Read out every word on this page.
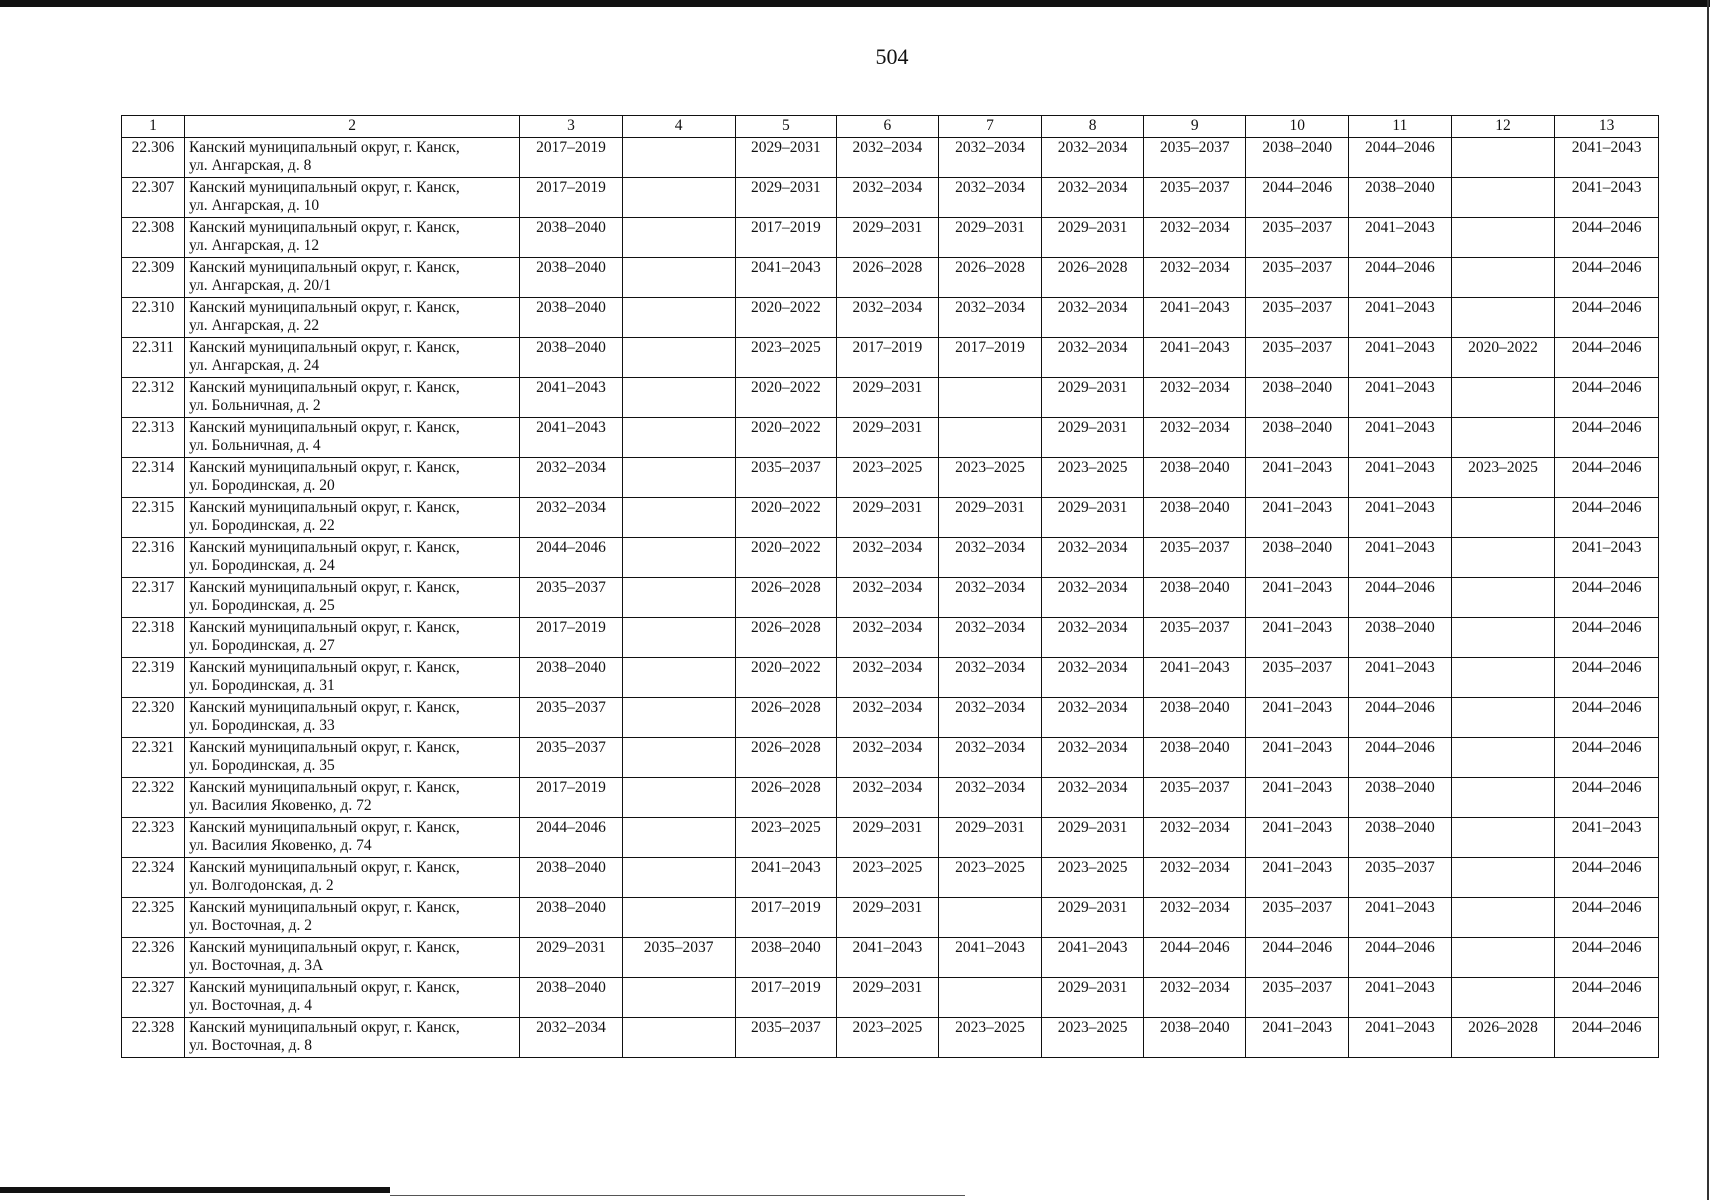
504
1	2	3	4	5	6	7	8	9	10	11	12	13
22.306	Канский муниципальный округ, г. Канск,
ул. Ангарская, д. 8	2017–2019		2029–2031	2032–2034	2032–2034	2032–2034	2035–2037	2038–2040	2044–2046		2041–2043
22.307	Канский муниципальный округ, г. Канск,
ул. Ангарская, д. 10	2017–2019		2029–2031	2032–2034	2032–2034	2032–2034	2035–2037	2044–2046	2038–2040		2041–2043
22.308	Канский муниципальный округ, г. Канск,
ул. Ангарская, д. 12	2038–2040		2017–2019	2029–2031	2029–2031	2029–2031	2032–2034	2035–2037	2041–2043		2044–2046
22.309	Канский муниципальный округ, г. Канск,
ул. Ангарская, д. 20/1	2038–2040		2041–2043	2026–2028	2026–2028	2026–2028	2032–2034	2035–2037	2044–2046		2044–2046
22.310	Канский муниципальный округ, г. Канск,
ул. Ангарская, д. 22	2038–2040		2020–2022	2032–2034	2032–2034	2032–2034	2041–2043	2035–2037	2041–2043		2044–2046
22.311	Канский муниципальный округ, г. Канск,
ул. Ангарская, д. 24	2038–2040		2023–2025	2017–2019	2017–2019	2032–2034	2041–2043	2035–2037	2041–2043	2020–2022	2044–2046
22.312	Канский муниципальный округ, г. Канск,
ул. Больничная, д. 2	2041–2043		2020–2022	2029–2031		2029–2031	2032–2034	2038–2040	2041–2043		2044–2046
22.313	Канский муниципальный округ, г. Канск,
ул. Больничная, д. 4	2041–2043		2020–2022	2029–2031		2029–2031	2032–2034	2038–2040	2041–2043		2044–2046
22.314	Канский муниципальный округ, г. Канск,
ул. Бородинская, д. 20	2032–2034		2035–2037	2023–2025	2023–2025	2023–2025	2038–2040	2041–2043	2041–2043	2023–2025	2044–2046
22.315	Канский муниципальный округ, г. Канск,
ул. Бородинская, д. 22	2032–2034		2020–2022	2029–2031	2029–2031	2029–2031	2038–2040	2041–2043	2041–2043		2044–2046
22.316	Канский муниципальный округ, г. Канск,
ул. Бородинская, д. 24	2044–2046		2020–2022	2032–2034	2032–2034	2032–2034	2035–2037	2038–2040	2041–2043		2041–2043
22.317	Канский муниципальный округ, г. Канск,
ул. Бородинская, д. 25	2035–2037		2026–2028	2032–2034	2032–2034	2032–2034	2038–2040	2041–2043	2044–2046		2044–2046
22.318	Канский муниципальный округ, г. Канск,
ул. Бородинская, д. 27	2017–2019		2026–2028	2032–2034	2032–2034	2032–2034	2035–2037	2041–2043	2038–2040		2044–2046
22.319	Канский муниципальный округ, г. Канск,
ул. Бородинская, д. 31	2038–2040		2020–2022	2032–2034	2032–2034	2032–2034	2041–2043	2035–2037	2041–2043		2044–2046
22.320	Канский муниципальный округ, г. Канск,
ул. Бородинская, д. 33	2035–2037		2026–2028	2032–2034	2032–2034	2032–2034	2038–2040	2041–2043	2044–2046		2044–2046
22.321	Канский муниципальный округ, г. Канск,
ул. Бородинская, д. 35	2035–2037		2026–2028	2032–2034	2032–2034	2032–2034	2038–2040	2041–2043	2044–2046		2044–2046
22.322	Канский муниципальный округ, г. Канск,
ул. Василия Яковенко, д. 72	2017–2019		2026–2028	2032–2034	2032–2034	2032–2034	2035–2037	2041–2043	2038–2040		2044–2046
22.323	Канский муниципальный округ, г. Канск,
ул. Василия Яковенко, д. 74	2044–2046		2023–2025	2029–2031	2029–2031	2029–2031	2032–2034	2041–2043	2038–2040		2041–2043
22.324	Канский муниципальный округ, г. Канск,
ул. Волгодонская, д. 2	2038–2040		2041–2043	2023–2025	2023–2025	2023–2025	2032–2034	2041–2043	2035–2037		2044–2046
22.325	Канский муниципальный округ, г. Канск,
ул. Восточная, д. 2	2038–2040		2017–2019	2029–2031		2029–2031	2032–2034	2035–2037	2041–2043		2044–2046
22.326	Канский муниципальный округ, г. Канск,
ул. Восточная, д. 3А	2029–2031	2035–2037	2038–2040	2041–2043	2041–2043	2041–2043	2044–2046	2044–2046	2044–2046		2044–2046
22.327	Канский муниципальный округ, г. Канск,
ул. Восточная, д. 4	2038–2040		2017–2019	2029–2031		2029–2031	2032–2034	2035–2037	2041–2043		2044–2046
22.328	Канский муниципальный округ, г. Канск,
ул. Восточная, д. 8	2032–2034		2035–2037	2023–2025	2023–2025	2023–2025	2038–2040	2041–2043	2041–2043	2026–2028	2044–2046
